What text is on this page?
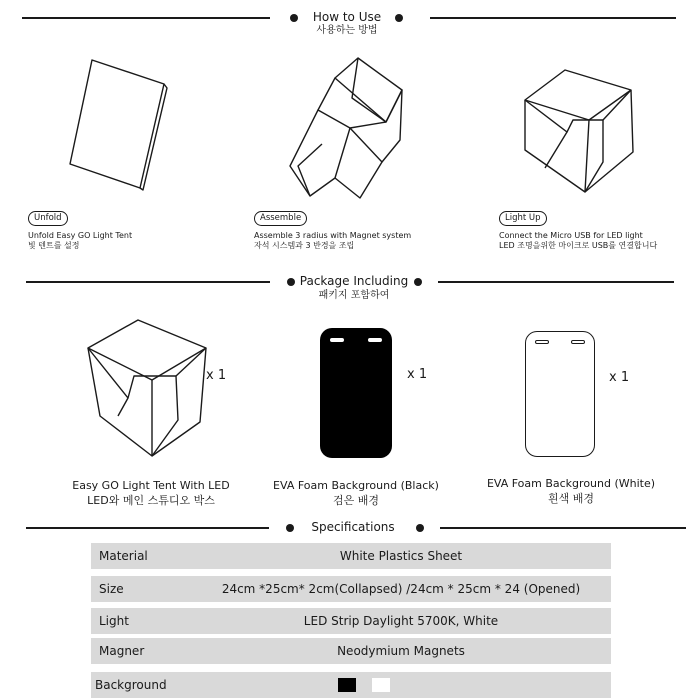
How to Use
사용하는 방법
Unfold
Unfold Easy GO Light Tent
빛 텐트를 설정
Assemble
Assemble 3 radius with Magnet system
자석 시스템과 3 반경을 조립
Light Up
Connect the Micro USB for LED light
LED 조명을위한 마이크로 USB를 연결합니다
Package Including
패키지 포함하여
x 1	x 1	x 1
Easy GO Light Tent With LED
LED와 메인 스튜디오 박스
EVA Foam Background (Black)
검은 배경
EVA Foam Background (White)
흰색 배경
Specifications
Material	White Plastics Sheet
Size	24cm *25cm* 2cm(Collapsed) /24cm * 25cm * 24 (Opened)
Light	LED Strip Daylight 5700K, White
Magner	Neodymium Magnets
Background
